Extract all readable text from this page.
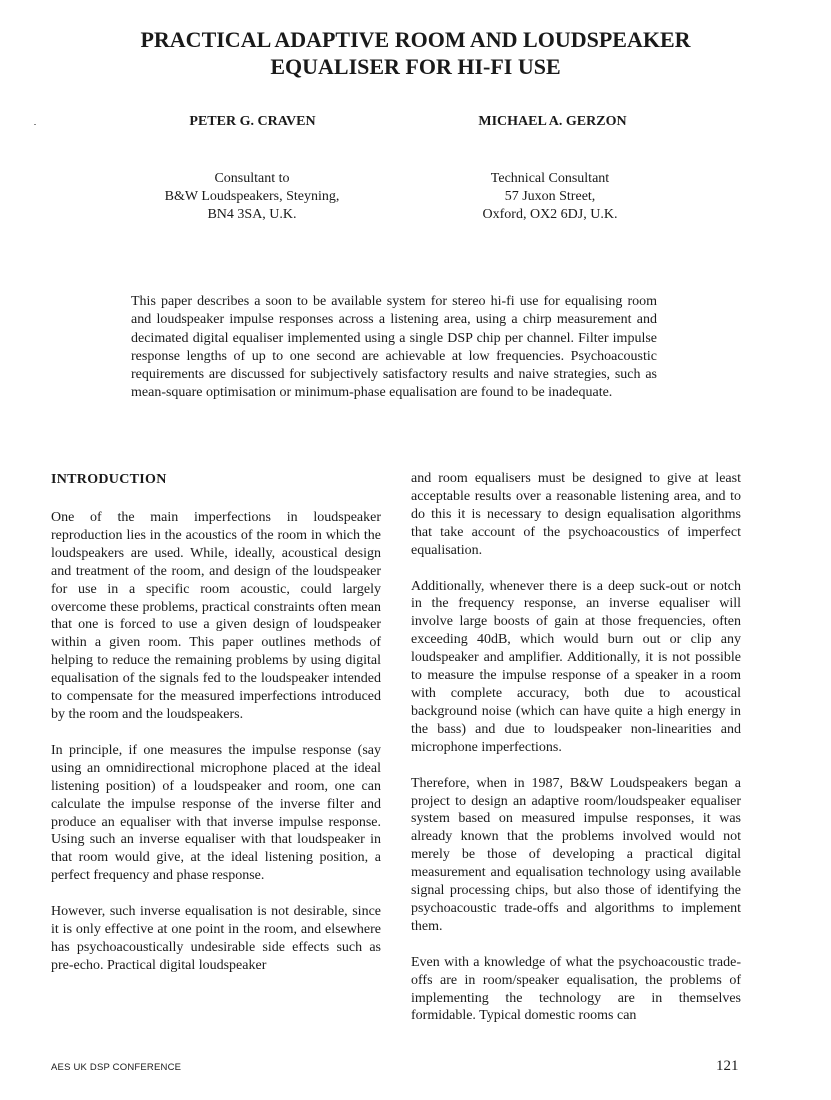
PRACTICAL ADAPTIVE ROOM AND LOUDSPEAKER
EQUALISER FOR HI-FI USE
PETER G. CRAVEN	MICHAEL A. GERZON
Consultant to
B&W Loudspeakers, Steyning,
BN4 3SA, U.K.
Technical Consultant
57 Juxon Street,
Oxford, OX2 6DJ, U.K.

This paper describes a soon to be available system for stereo hi-fi use for equalising room and loudspeaker impulse responses across a listening area, using a chirp measurement and decimated digital equaliser implemented using a single DSP chip per channel. Filter impulse response lengths of up to one second are achievable at low frequencies. Psychoacoustic requirements are discussed for subjectively satisfactory results and naive strategies, such as mean-square optimisation or minimum-phase equalisation are found to be inadequate.

INTRODUCTION

One of the main imperfections in loudspeaker reproduction lies in the acoustics of the room in which the loudspeakers are used. While, ideally, acoustical design and treatment of the room, and design of the loudspeaker for use in a specific room acoustic, could largely overcome these problems, practical constraints often mean that one is forced to use a given design of loudspeaker within a given room. This paper outlines methods of helping to reduce the remaining problems by using digital equalisation of the signals fed to the loudspeaker intended to compensate for the measured imperfections introduced by the room and the loudspeakers.

In principle, if one measures the impulse response (say using an omnidirectional microphone placed at the ideal listening position) of a loudspeaker and room, one can calculate the impulse response of the inverse filter and produce an equaliser with that inverse impulse response. Using such an inverse equaliser with that loudspeaker in that room would give, at the ideal listening position, a perfect frequency and phase response.

However, such inverse equalisation is not desirable, since it is only effective at one point in the room, and elsewhere has psychoacoustically undesirable side effects such as pre-echo. Practical digital loudspeaker

and room equalisers must be designed to give at least acceptable results over a reasonable listening area, and to do this it is necessary to design equalisation algorithms that take account of the psychoacoustics of imperfect equalisation.

Additionally, whenever there is a deep suck-out or notch in the frequency response, an inverse equaliser will involve large boosts of gain at those frequencies, often exceeding 40dB, which would burn out or clip any loudspeaker and amplifier. Additionally, it is not possible to measure the impulse response of a speaker in a room with complete accuracy, both due to acoustical background noise (which can have quite a high energy in the bass) and due to loudspeaker non-linearities and microphone imperfections.

Therefore, when in 1987, B&W Loudspeakers began a project to design an adaptive room/loudspeaker equaliser system based on measured impulse responses, it was already known that the problems involved would not merely be those of developing a practical digital measurement and equalisation technology using available signal processing chips, but also those of identifying the psychoacoustic trade-offs and algorithms to implement them.

Even with a knowledge of what the psychoacoustic trade-offs are in room/speaker equalisation, the problems of implementing the technology are in themselves formidable. Typical domestic rooms can

AES UK DSP CONFERENCE	121
